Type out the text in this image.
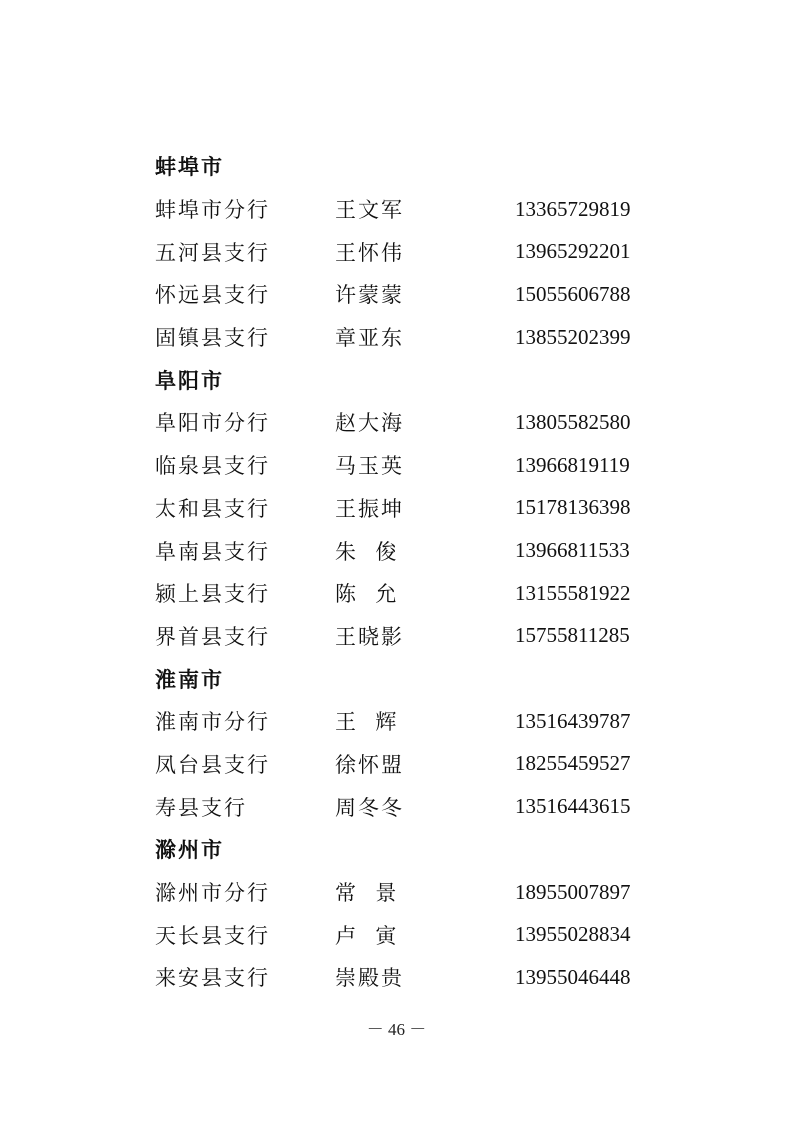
蚌埠市
蚌埠市分行	王文军	13365729819
五河县支行	王怀伟	13965292201
怀远县支行	许蒙蒙	15055606788
固镇县支行	章亚东	13855202399
阜阳市
阜阳市分行	赵大海	13805582580
临泉县支行	马玉英	13966819119
太和县支行	王振坤	15178136398
阜南县支行	朱  俊	13966811533
颍上县支行	陈  允	13155581922
界首县支行	王晓影	15755811285
淮南市
淮南市分行	王  辉	13516439787
凤台县支行	徐怀盟	18255459527
寿县支行	周冬冬	13516443615
滁州市
滁州市分行	常  景	18955007897
天长县支行	卢  寅	13955028834
来安县支行	崇殿贵	13955046448
－ 46 －
